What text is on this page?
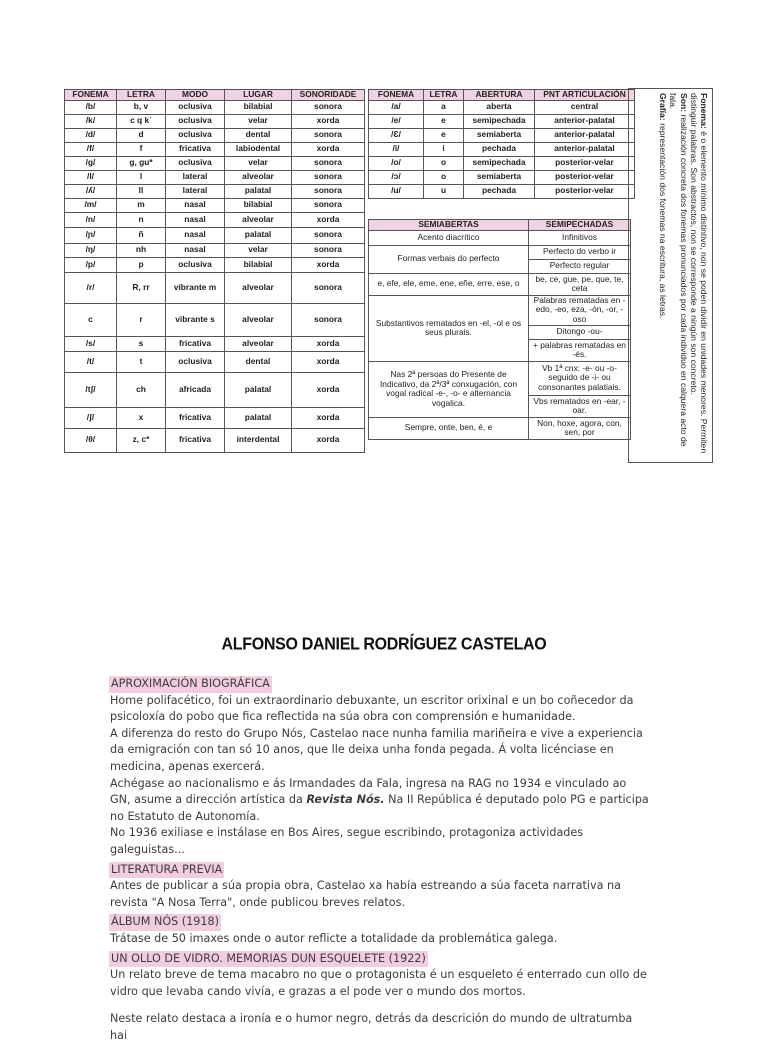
FONEMA	LETRA	MODO	LUGAR	SONORIDADE
/b/	b, v	oclusiva	bilabial	sonora
/k/	c q k˙	oclusiva	velar	xorda
/d/	d	oclusiva	dental	sonora
/f/	f	fricativa	labiodental	xorda
/g/	g, gu*	oclusiva	velar	sonora
/l/	l	lateral	alveolar	sonora
/ʎ/	ll	lateral	palatal	sonora
/m/	m	nasal	bilabial	sonora
/n/	n	nasal	alveolar	xorda
/ɲ/	ñ	nasal	palatal	sonora
/ŋ/	nh	nasal	velar	sonora
/p/	p	oclusiva	bilabial	xorda
/r/	R, rr	vibrante m	alveolar	sonora
c	r	vibrante s	alveolar	sonora
/s/	s	fricativa	alveolar	xorda
/t/	t	oclusiva	dental	xorda
/tʃ/	ch	africada	palatal	xorda
/ʃ/	x	fricativa	palatal	xorda
/θ/	z, c*	fricativa	interdental	xorda
FONEMA	LETRA	ABERTURA	PNT ARTICULACIÓN
/a/	a	aberta	central
/e/	e	semipechada	anterior-palatal
/Ɛ/	e	semiaberta	anterior-palatal
/i/	i	pechada	anterior-palatal
/o/	o	semipechada	posterior-velar
/ɔ/	o	semiaberta	posterior-velar
/u/	u	pechada	posterior-velar
SEMIABERTAS	SEMIPECHADAS
Acento diacrítico	Infinitivos
Formas verbais do perfecto	Perfecto do verbo ir
	Perfecto regular
e, efe, ele, eme, ene, eñe, erre, ese, o	be, ce, gue, pe, que, te, ceta
Substantivos rematados en -el, -ol e os seus plurais.	Palabras rematadas en -edo, -eo, eza, -ón, -or, -oso
	Ditongo -ou-
	+ palabras rematadas en -és.
Nas 2ª persoas do Presente de Indicativo, da 2ª/3ª conxugación, con vogal radical -e-, -o- e alternancia vogalica.	Vb 1ª cnx: -e- ou -o- seguido de -i- ou consonantes palatiais.
	Vbs rematados en -ear, -oar.
Sempre, onte, ben, é, e	Non, hoxe, agora, con, sen, por
Fonema: é o elemento mínimo distintivo, non se poden dividir en unidades menores. Permiten distinguir palabras. Son abstractos, non se corresponde a ningún son concreto.
Son: realización concreta dos fonemas pronunciados por cada individuo en calquera acto de fala.
Grafía: representación dos fonemas na escritura, as letras.
ALFONSO DANIEL RODRÍGUEZ CASTELAO
APROXIMACIÓN BIOGRÁFICA

Home polifacético, foi un extraordinario debuxante, un escritor orixinal e un bo coñecedor da psicoloxía do pobo que fica reflectida na súa obra con comprensión e humanidade.

A diferenza do resto do Grupo Nós, Castelao nace nunha familia mariñeira e vive a experiencia da emigración con tan só 10 anos, que lle deixa unha fonda pegada. Á volta licénciase en medicina, apenas exercerá.

Achégase ao nacionalismo e ás Irmandades da Fala, ingresa na RAG no 1934 e vinculado ao GN, asume a dirección artística da Revista Nós. Na II República é deputado polo PG e participa no Estatuto de Autonomía.

No 1936 exiliase e instálase en Bos Aires, segue escribindo, protagoniza actividades galeguistas...

LITERATURA PREVIA

Antes de publicar a súa propia obra, Castelao xa había estreando a súa faceta narrativa na revista "A Nosa Terra", onde publicou breves relatos.

ÁLBUM NÓS (1918)

Trátase de 50 imaxes onde o autor reflicte a totalidade da problemática galega.

UN OLLO DE VIDRO. MEMORIAS DUN ESQUELETE (1922)

Un relato breve de tema macabro no que o protagonista é un esqueleto é enterrado cun ollo de vidro que levaba cando vivía, e grazas a el pode ver o mundo dos mortos.

Neste relato destaca a ironía e o humor negro, detrás da descrición do mundo de ultratumba hai
